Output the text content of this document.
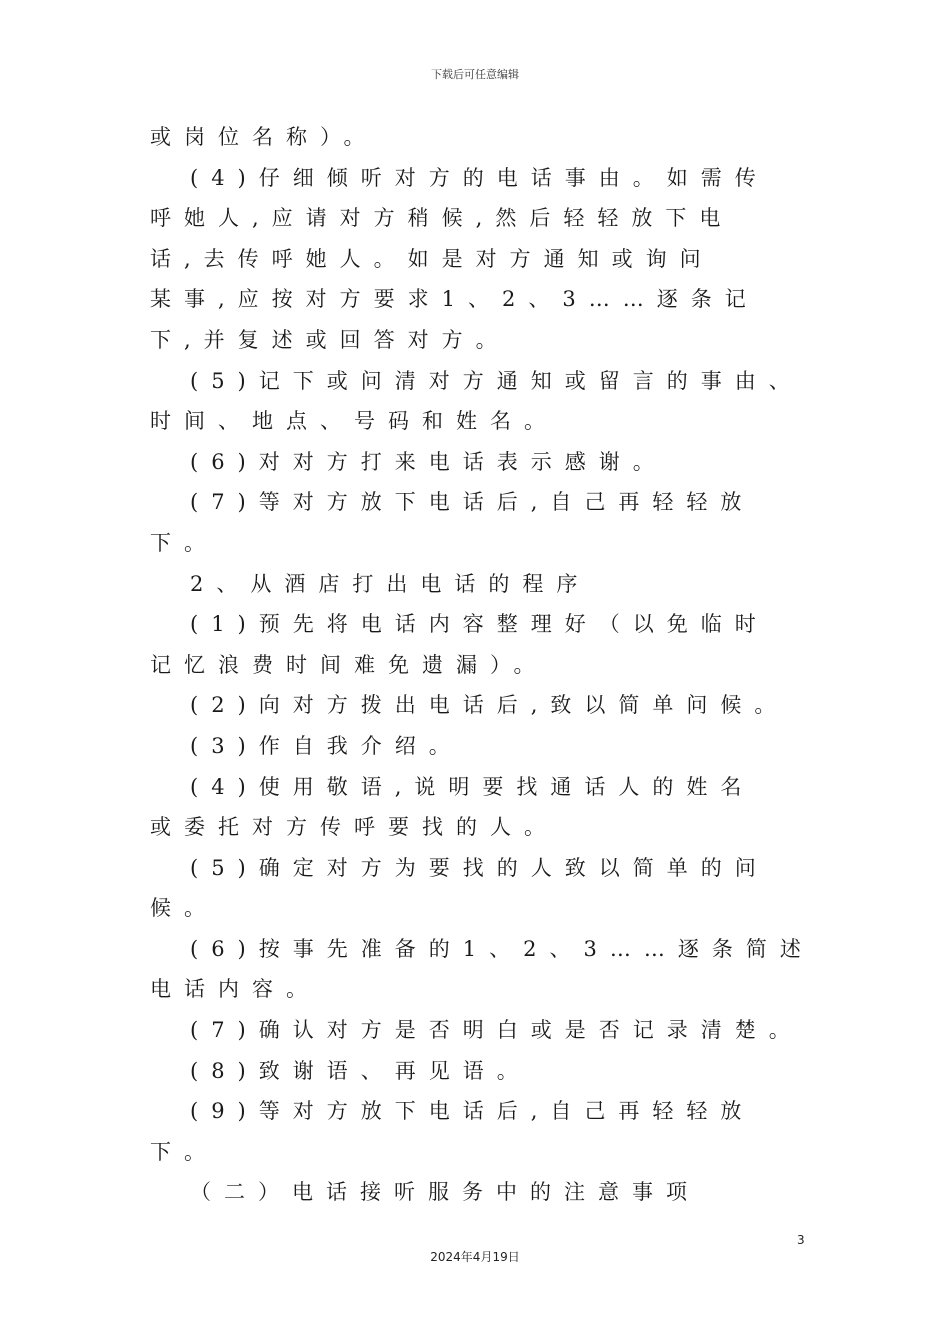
下载后可任意编辑
或岗位名称）。
(4)仔细倾听对方的电话事由。如需传
呼她人,应请对方稍候,然后轻轻放下电
话,去传呼她人。如是对方通知或询问
某事,应按对方要求1、2、3……逐条记
下,并复述或回答对方。
(5)记下或问清对方通知或留言的事由、
时间、地点、号码和姓名。
(6)对对方打来电话表示感谢。
(7)等对方放下电话后,自己再轻轻放
下。
2、从酒店打出电话的程序
(1)预先将电话内容整理好（以免临时
记忆浪费时间难免遗漏）。
(2)向对方拨出电话后,致以简单问候。
(3)作自我介绍。
(4)使用敬语,说明要找通话人的姓名
或委托对方传呼要找的人。
(5)确定对方为要找的人致以简单的问
候。
(6)按事先准备的1、2、3……逐条简述
电话内容。
(7)确认对方是否明白或是否记录清楚。
(8)致谢语、再见语。
(9)等对方放下电话后,自己再轻轻放
下。
（二）电话接听服务中的注意事项
3
2024年4月19日
